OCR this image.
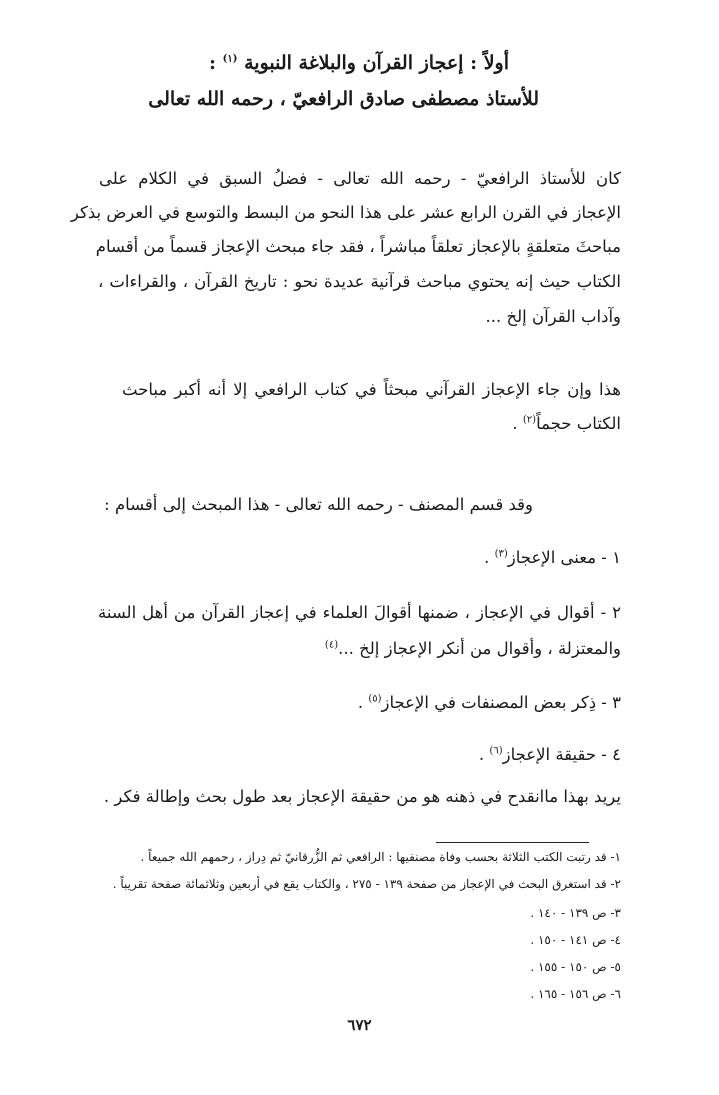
أولاً : إعجاز القرآن والبلاغة النبوية $^{(١)}$ :
للأستاذ مصطفى صادق الرافعيّ ، رحمه الله تعالى
كان للأستاذ الرافعيّ - رحمه الله تعالى - فضلُ السبق في الكلام على
الإعجاز في القرن الرابع عشر على هذا النحو من البسط والتوسع في العرض بذكر
مباحثَ متعلقةٍ بالإعجاز تعلقاً مباشراً ، فقد جاء مبحث الإعجاز قسماً من أقسام
الكتاب حيث إنه يحتوي مباحث قرآنية عديدة نحو : تاريخ القرآن ، والقراءات ،
وآداب القرآن إلخ ...
هذا وإن جاء الإعجاز القرآني مبحثاً في كتاب الرافعي إلا أنه أكبر مباحث
الكتاب حجماً$^{(٢)}$ .
وقد قسم المصنف - رحمه الله تعالى - هذا المبحث إلى أقسام :
١ - معنى الإعجاز$^{(٣)}$ .
٢ - أقوال في الإعجاز ، ضمنها أقوالَ العلماء في إعجاز القرآن من أهل السنة
والمعتزلة ، وأقوال من أنكر الإعجاز إلخ ...$^{(٤)}$
٣ - ذِكر بعض المصنفات في الإعجاز$^{(٥)}$ .
٤ - حقيقة الإعجاز$^{(٦)}$ .
يريد بهذا ماانقدح في ذهنه هو من حقيقة الإعجاز بعد طول بحث وإطالة فكر .
١- قد رتبت الكتب الثلاثة بحسب وفاة مصنفيها : الرافعي ثم الزُّرقانيّ ثم دِراز ، رحمهم الله جميعاً .
٢- قد استغرق البحث في الإعجاز من صفحة ١٣٩ - ٢٧٥ ، والكتاب يقع في أربعين وثلاثمائة صفحة تقريباً .
٣- ص ١٣٩ - ١٤٠ .
٤- ص ١٤١ - ١٥٠ .
٥- ص ١٥٠ - ١٥٥ .
٦- ص ١٥٦ - ١٦٥ .
٦٧٢
